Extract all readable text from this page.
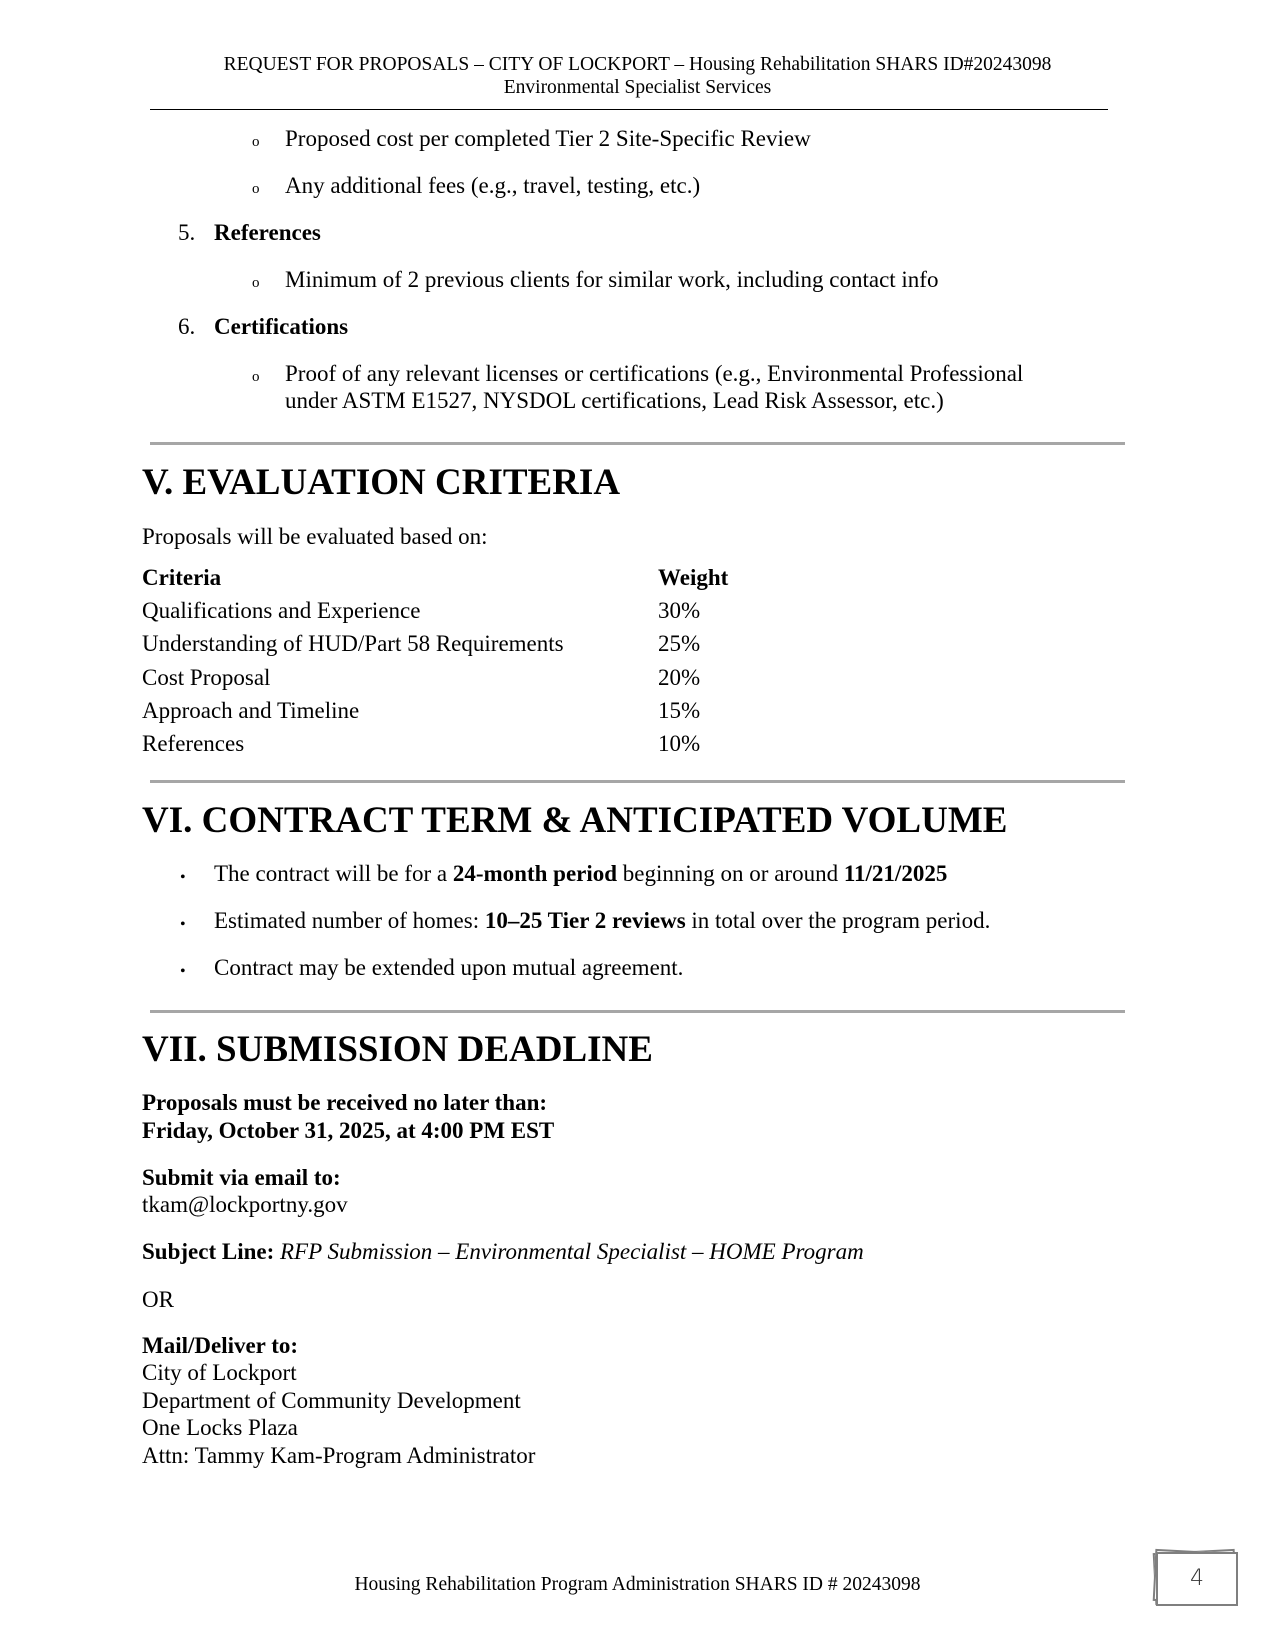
REQUEST FOR PROPOSALS – CITY OF LOCKPORT – Housing Rehabilitation SHARS ID#20243098
Environmental Specialist Services
o Proposed cost per completed Tier 2 Site-Specific Review
o Any additional fees (e.g., travel, testing, etc.)
5. References
o Minimum of 2 previous clients for similar work, including contact info
6. Certifications
o Proof of any relevant licenses or certifications (e.g., Environmental Professional
under ASTM E1527, NYSDOL certifications, Lead Risk Assessor, etc.)
V. EVALUATION CRITERIA
Proposals will be evaluated based on:
Criteria	Weight
Qualifications and Experience	30%
Understanding of HUD/Part 58 Requirements	25%
Cost Proposal	20%
Approach and Timeline	15%
References	10%
VI. CONTRACT TERM & ANTICIPATED VOLUME
• The contract will be for a 24-month period beginning on or around 11/21/2025
• Estimated number of homes: 10–25 Tier 2 reviews in total over the program period.
• Contract may be extended upon mutual agreement.
VII. SUBMISSION DEADLINE
Proposals must be received no later than:
Friday, October 31, 2025, at 4:00 PM EST
Submit via email to:
tkam@lockportny.gov
Subject Line: RFP Submission – Environmental Specialist – HOME Program
OR
Mail/Deliver to:
City of Lockport
Department of Community Development
One Locks Plaza
Attn: Tammy Kam-Program Administrator
Housing Rehabilitation Program Administration SHARS ID # 20243098	4
